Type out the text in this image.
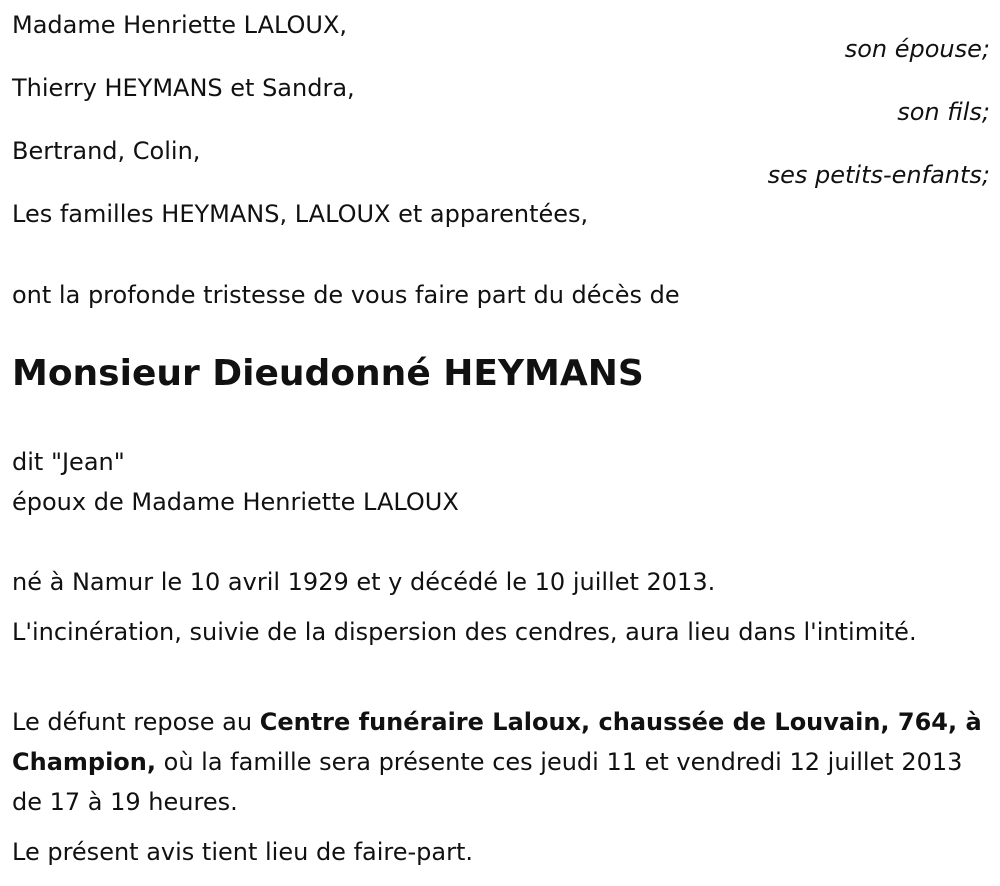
Madame Henriette LALOUX,
son épouse;
Thierry HEYMANS et Sandra,
son fils;
Bertrand, Colin,
ses petits-enfants;
Les familles HEYMANS, LALOUX et apparentées,
ont la profonde tristesse de vous faire part du décès de
Monsieur Dieudonné HEYMANS
dit "Jean"
époux de Madame Henriette LALOUX
né à Namur le 10 avril 1929 et y décédé le 10 juillet 2013.
L'incinération, suivie de la dispersion des cendres, aura lieu dans l'intimité.
Le défunt repose au Centre funéraire Laloux, chaussée de Louvain, 764, à Champion, où la famille sera présente ces jeudi 11 et vendredi 12 juillet 2013 de 17 à 19 heures.
Le présent avis tient lieu de faire-part.
